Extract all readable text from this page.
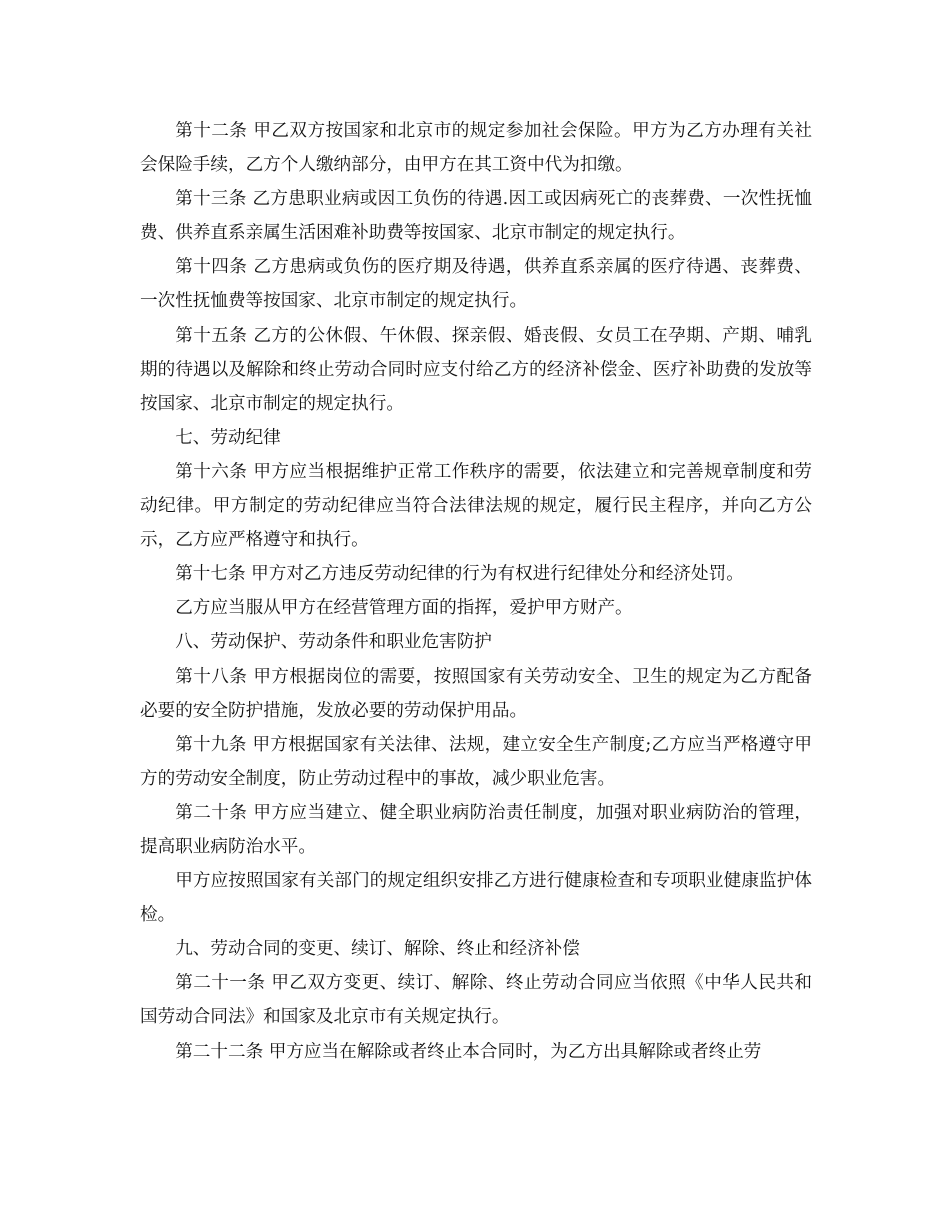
第十二条 甲乙双方按国家和北京市的规定参加社会保险。甲方为乙方办理有关社会保险手续，乙方个人缴纳部分，由甲方在其工资中代为扣缴。

第十三条 乙方患职业病或因工负伤的待遇.因工或因病死亡的丧葬费、一次性抚恤费、供养直系亲属生活困难补助费等按国家、北京市制定的规定执行。

第十四条 乙方患病或负伤的医疗期及待遇，供养直系亲属的医疗待遇、丧葬费、一次性抚恤费等按国家、北京市制定的规定执行。

第十五条 乙方的公休假、午休假、探亲假、婚丧假、女员工在孕期、产期、哺乳期的待遇以及解除和终止劳动合同时应支付给乙方的经济补偿金、医疗补助费的发放等按国家、北京市制定的规定执行。

七、劳动纪律

第十六条 甲方应当根据维护正常工作秩序的需要，依法建立和完善规章制度和劳动纪律。甲方制定的劳动纪律应当符合法律法规的规定，履行民主程序，并向乙方公示，乙方应严格遵守和执行。

第十七条 甲方对乙方违反劳动纪律的行为有权进行纪律处分和经济处罚。

乙方应当服从甲方在经营管理方面的指挥，爱护甲方财产。

八、劳动保护、劳动条件和职业危害防护

第十八条 甲方根据岗位的需要，按照国家有关劳动安全、卫生的规定为乙方配备必要的安全防护措施，发放必要的劳动保护用品。

第十九条 甲方根据国家有关法律、法规，建立安全生产制度;乙方应当严格遵守甲方的劳动安全制度，防止劳动过程中的事故，减少职业危害。

第二十条 甲方应当建立、健全职业病防治责任制度，加强对职业病防治的管理，提高职业病防治水平。

甲方应按照国家有关部门的规定组织安排乙方进行健康检查和专项职业健康监护体检。

九、劳动合同的变更、续订、解除、终止和经济补偿

第二十一条 甲乙双方变更、续订、解除、终止劳动合同应当依照《中华人民共和国劳动合同法》和国家及北京市有关规定执行。

第二十二条 甲方应当在解除或者终止本合同时，为乙方出具解除或者终止劳
